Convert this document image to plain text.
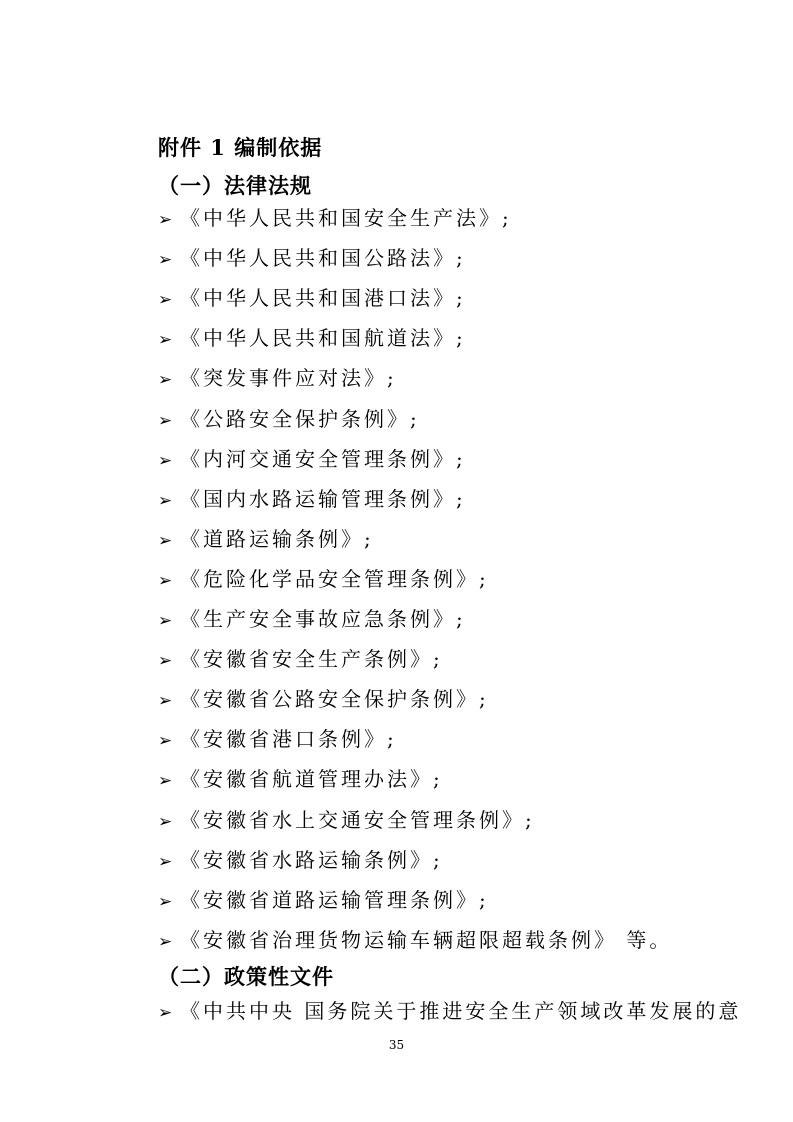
附件 1 编制依据
（一）法律法规
➢ 《中华人民共和国安全生产法》;
➢ 《中华人民共和国公路法》;
➢ 《中华人民共和国港口法》;
➢ 《中华人民共和国航道法》;
➢ 《突发事件应对法》;
➢ 《公路安全保护条例》;
➢ 《内河交通安全管理条例》;
➢ 《国内水路运输管理条例》;
➢ 《道路运输条例》;
➢ 《危险化学品安全管理条例》;
➢ 《生产安全事故应急条例》;
➢ 《安徽省安全生产条例》;
➢ 《安徽省公路安全保护条例》;
➢ 《安徽省港口条例》;
➢ 《安徽省航道管理办法》;
➢ 《安徽省水上交通安全管理条例》;
➢ 《安徽省水路运输条例》;
➢ 《安徽省道路运输管理条例》;
➢ 《安徽省治理货物运输车辆超限超载条例》 等。
（二）政策性文件
➢ 《中共中央 国务院关于推进安全生产领域改革发展的意
35
